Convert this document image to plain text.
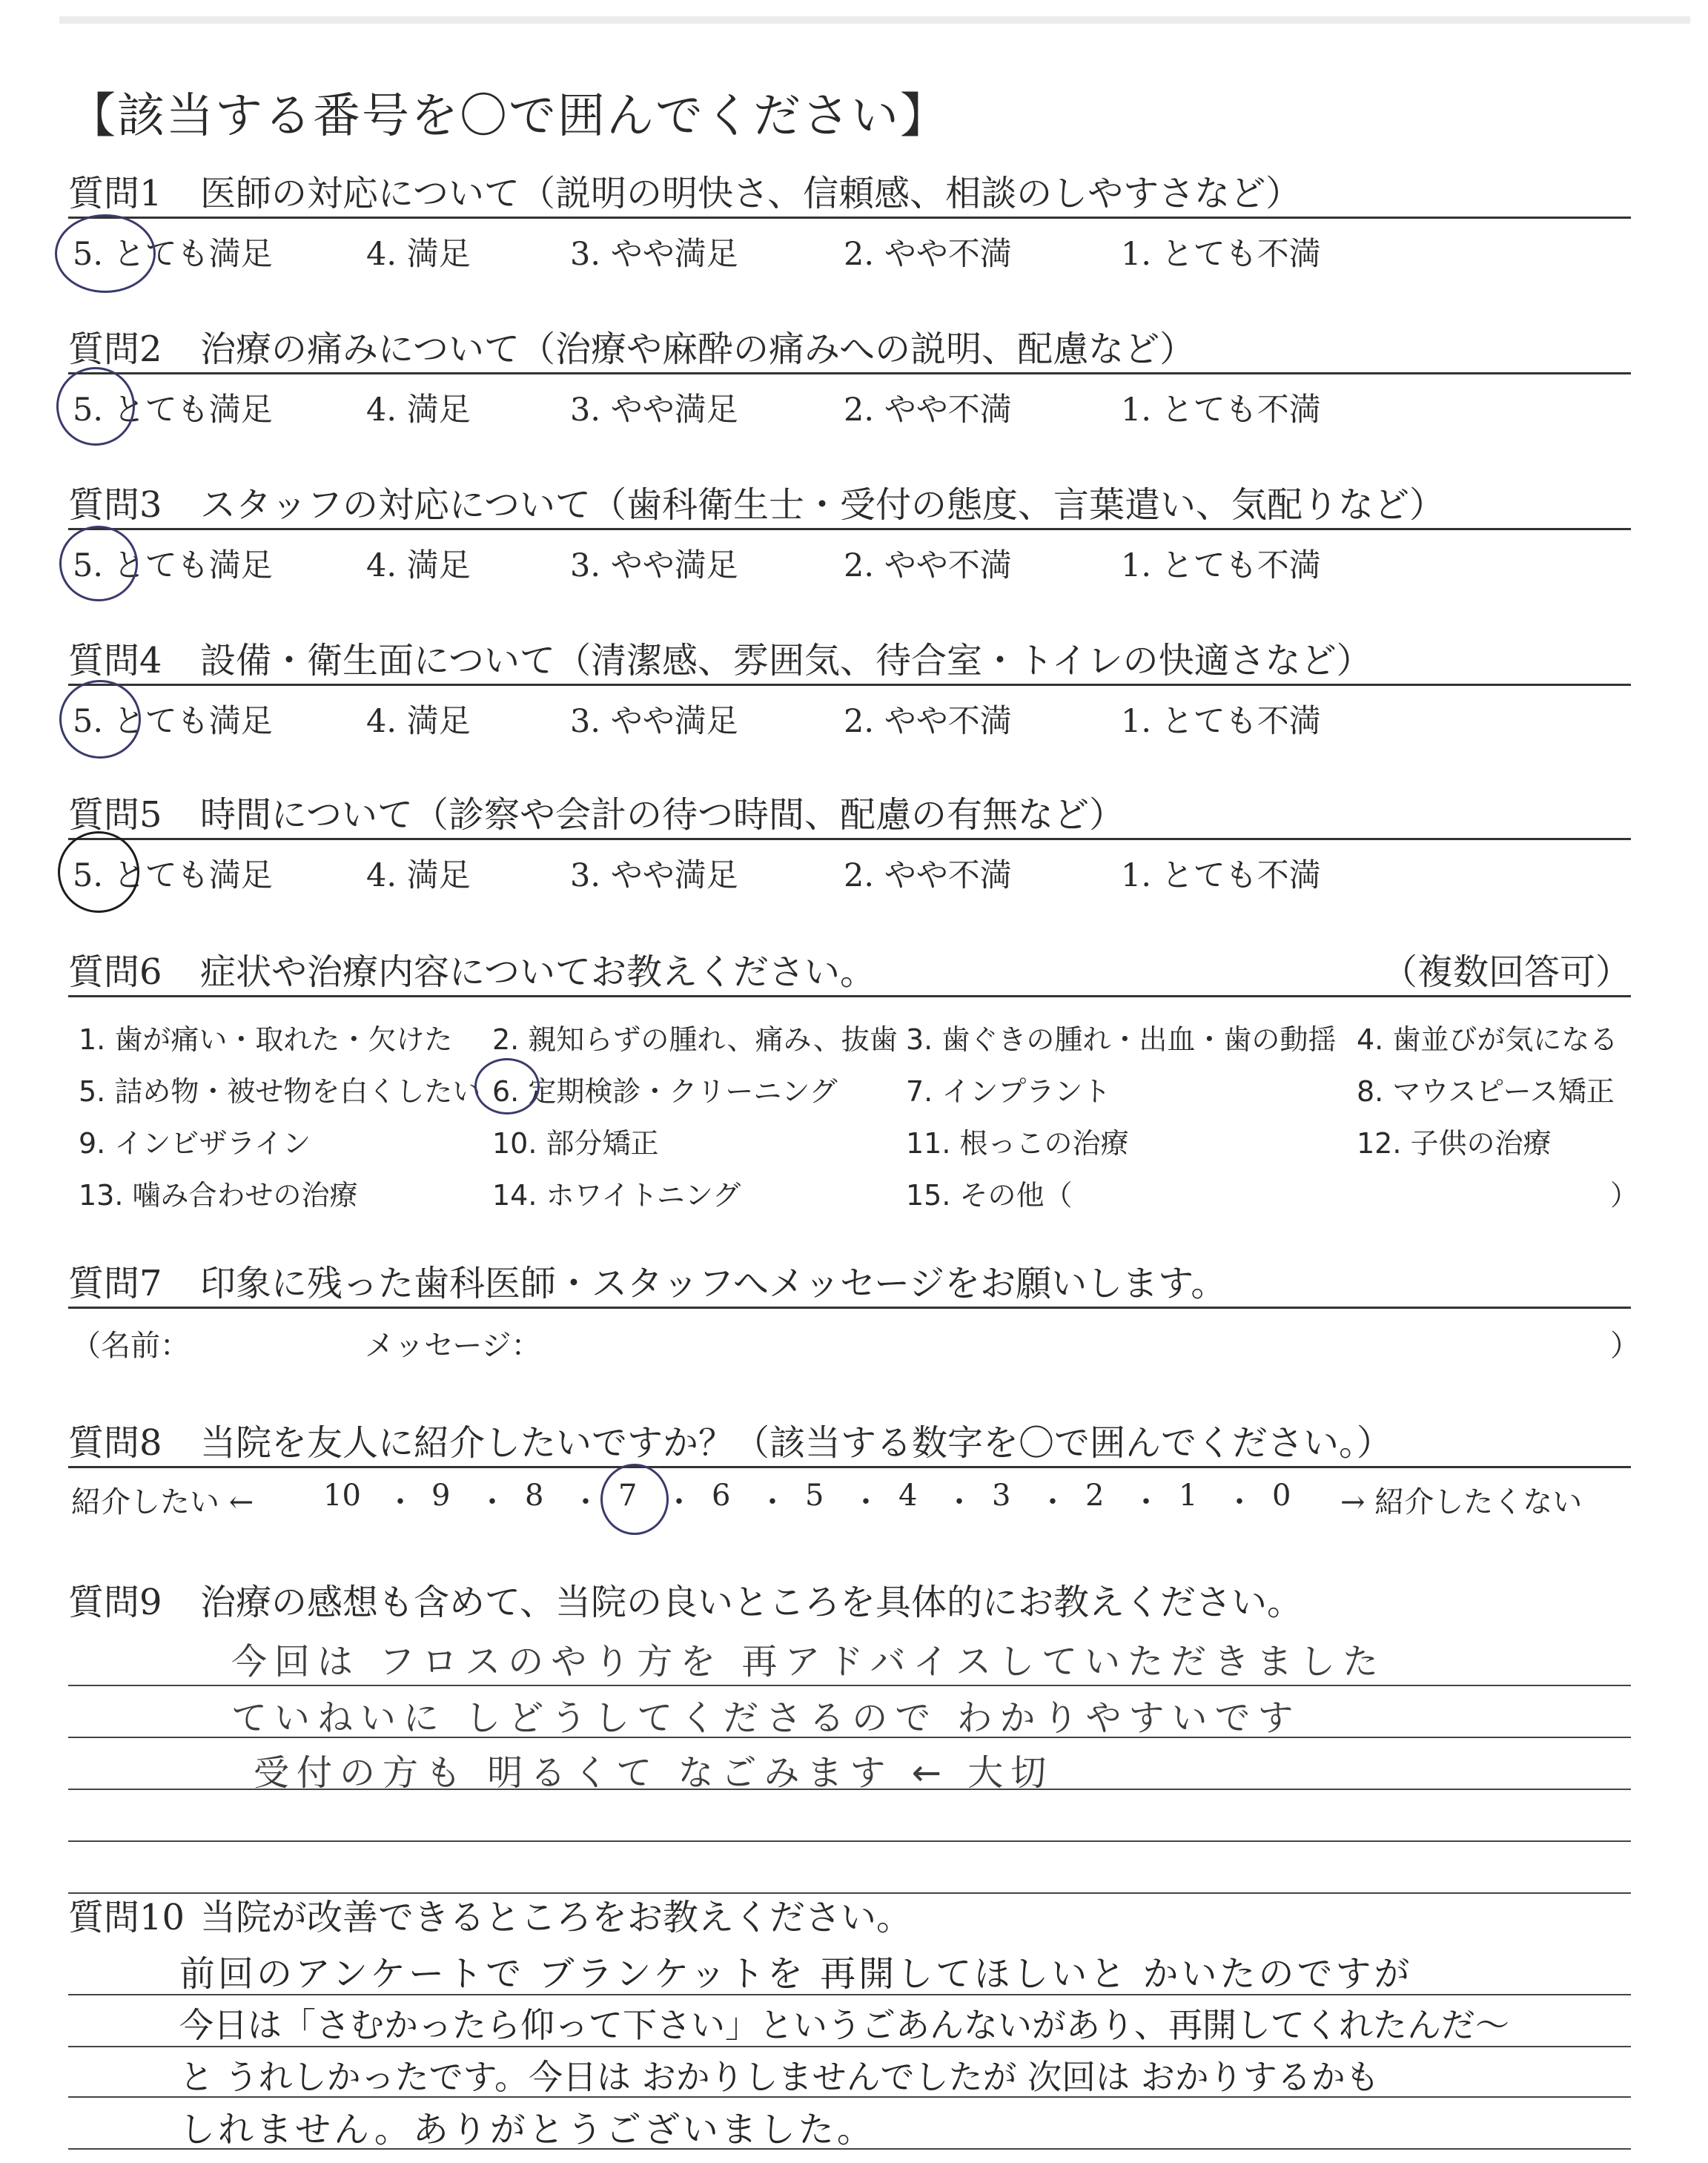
【該当する番号を〇で囲んでください】
質問1 医師の対応について（説明の明快さ、信頼感、相談のしやすさなど）
5. とても満足	4. 満足	3. やや満足	2. やや不満	1. とても不満
質問2 治療の痛みについて（治療や麻酔の痛みへの説明、配慮など）
5. とても満足	4. 満足	3. やや満足	2. やや不満	1. とても不満
質問3 スタッフの対応について（歯科衛生士・受付の態度、言葉遣い、気配りなど）
5. とても満足	4. 満足	3. やや満足	2. やや不満	1. とても不満
質問4 設備・衛生面について（清潔感、雰囲気、待合室・トイレの快適さなど）
5. とても満足	4. 満足	3. やや満足	2. やや不満	1. とても不満
質問5 時間について（診察や会計の待つ時間、配慮の有無など）
5. とても満足	4. 満足	3. やや満足	2. やや不満	1. とても不満
質問6 症状や治療内容についてお教えください。	（複数回答可）
1. 歯が痛い・取れた・欠けた 2. 親知らずの腫れ、痛み、抜歯 3. 歯ぐきの腫れ・出血・歯の動揺 4. 歯並びが気になる
5. 詰め物・被せ物を白くしたい 6. 定期検診・クリーニング 7. インプラント	8. マウスピース矯正
9. インビザライン	10. 部分矯正	11. 根っこの治療	12. 子供の治療
13. 噛み合わせの治療	14. ホワイトニング	15. その他（	）
質問7 印象に残った歯科医師・スタッフへメッセージをお願いします。
（名前：	メッセージ：	）
質問8 当院を友人に紹介したいですか？（該当する数字を〇で囲んでください。）
紹介したい ← 10 ・ 9 ・ 8 ・ 7 ・ 6 ・ 5 ・ 4 ・ 3 ・ 2 ・ 1 ・ 0 → 紹介したくない
質問9 治療の感想も含めて、当院の良いところを具体的にお教えください。
今回は フロスのやり方を 再アドバイスしていただきました
ていねいに しどうしてくださるので わかりやすいです
受付の方も 明るくて なごみます ← 大切
質問10 当院が改善できるところをお教えください。
前回のアンケートで ブランケットを 再開してほしいと かいたのですが
今日は「さむかったら仰って下さい」というごあんないがあり、再開してくれたんだ〜
と うれしかったです。今日は おかりしませんでしたが 次回は おかりするかも
しれません。ありがとうございました。
